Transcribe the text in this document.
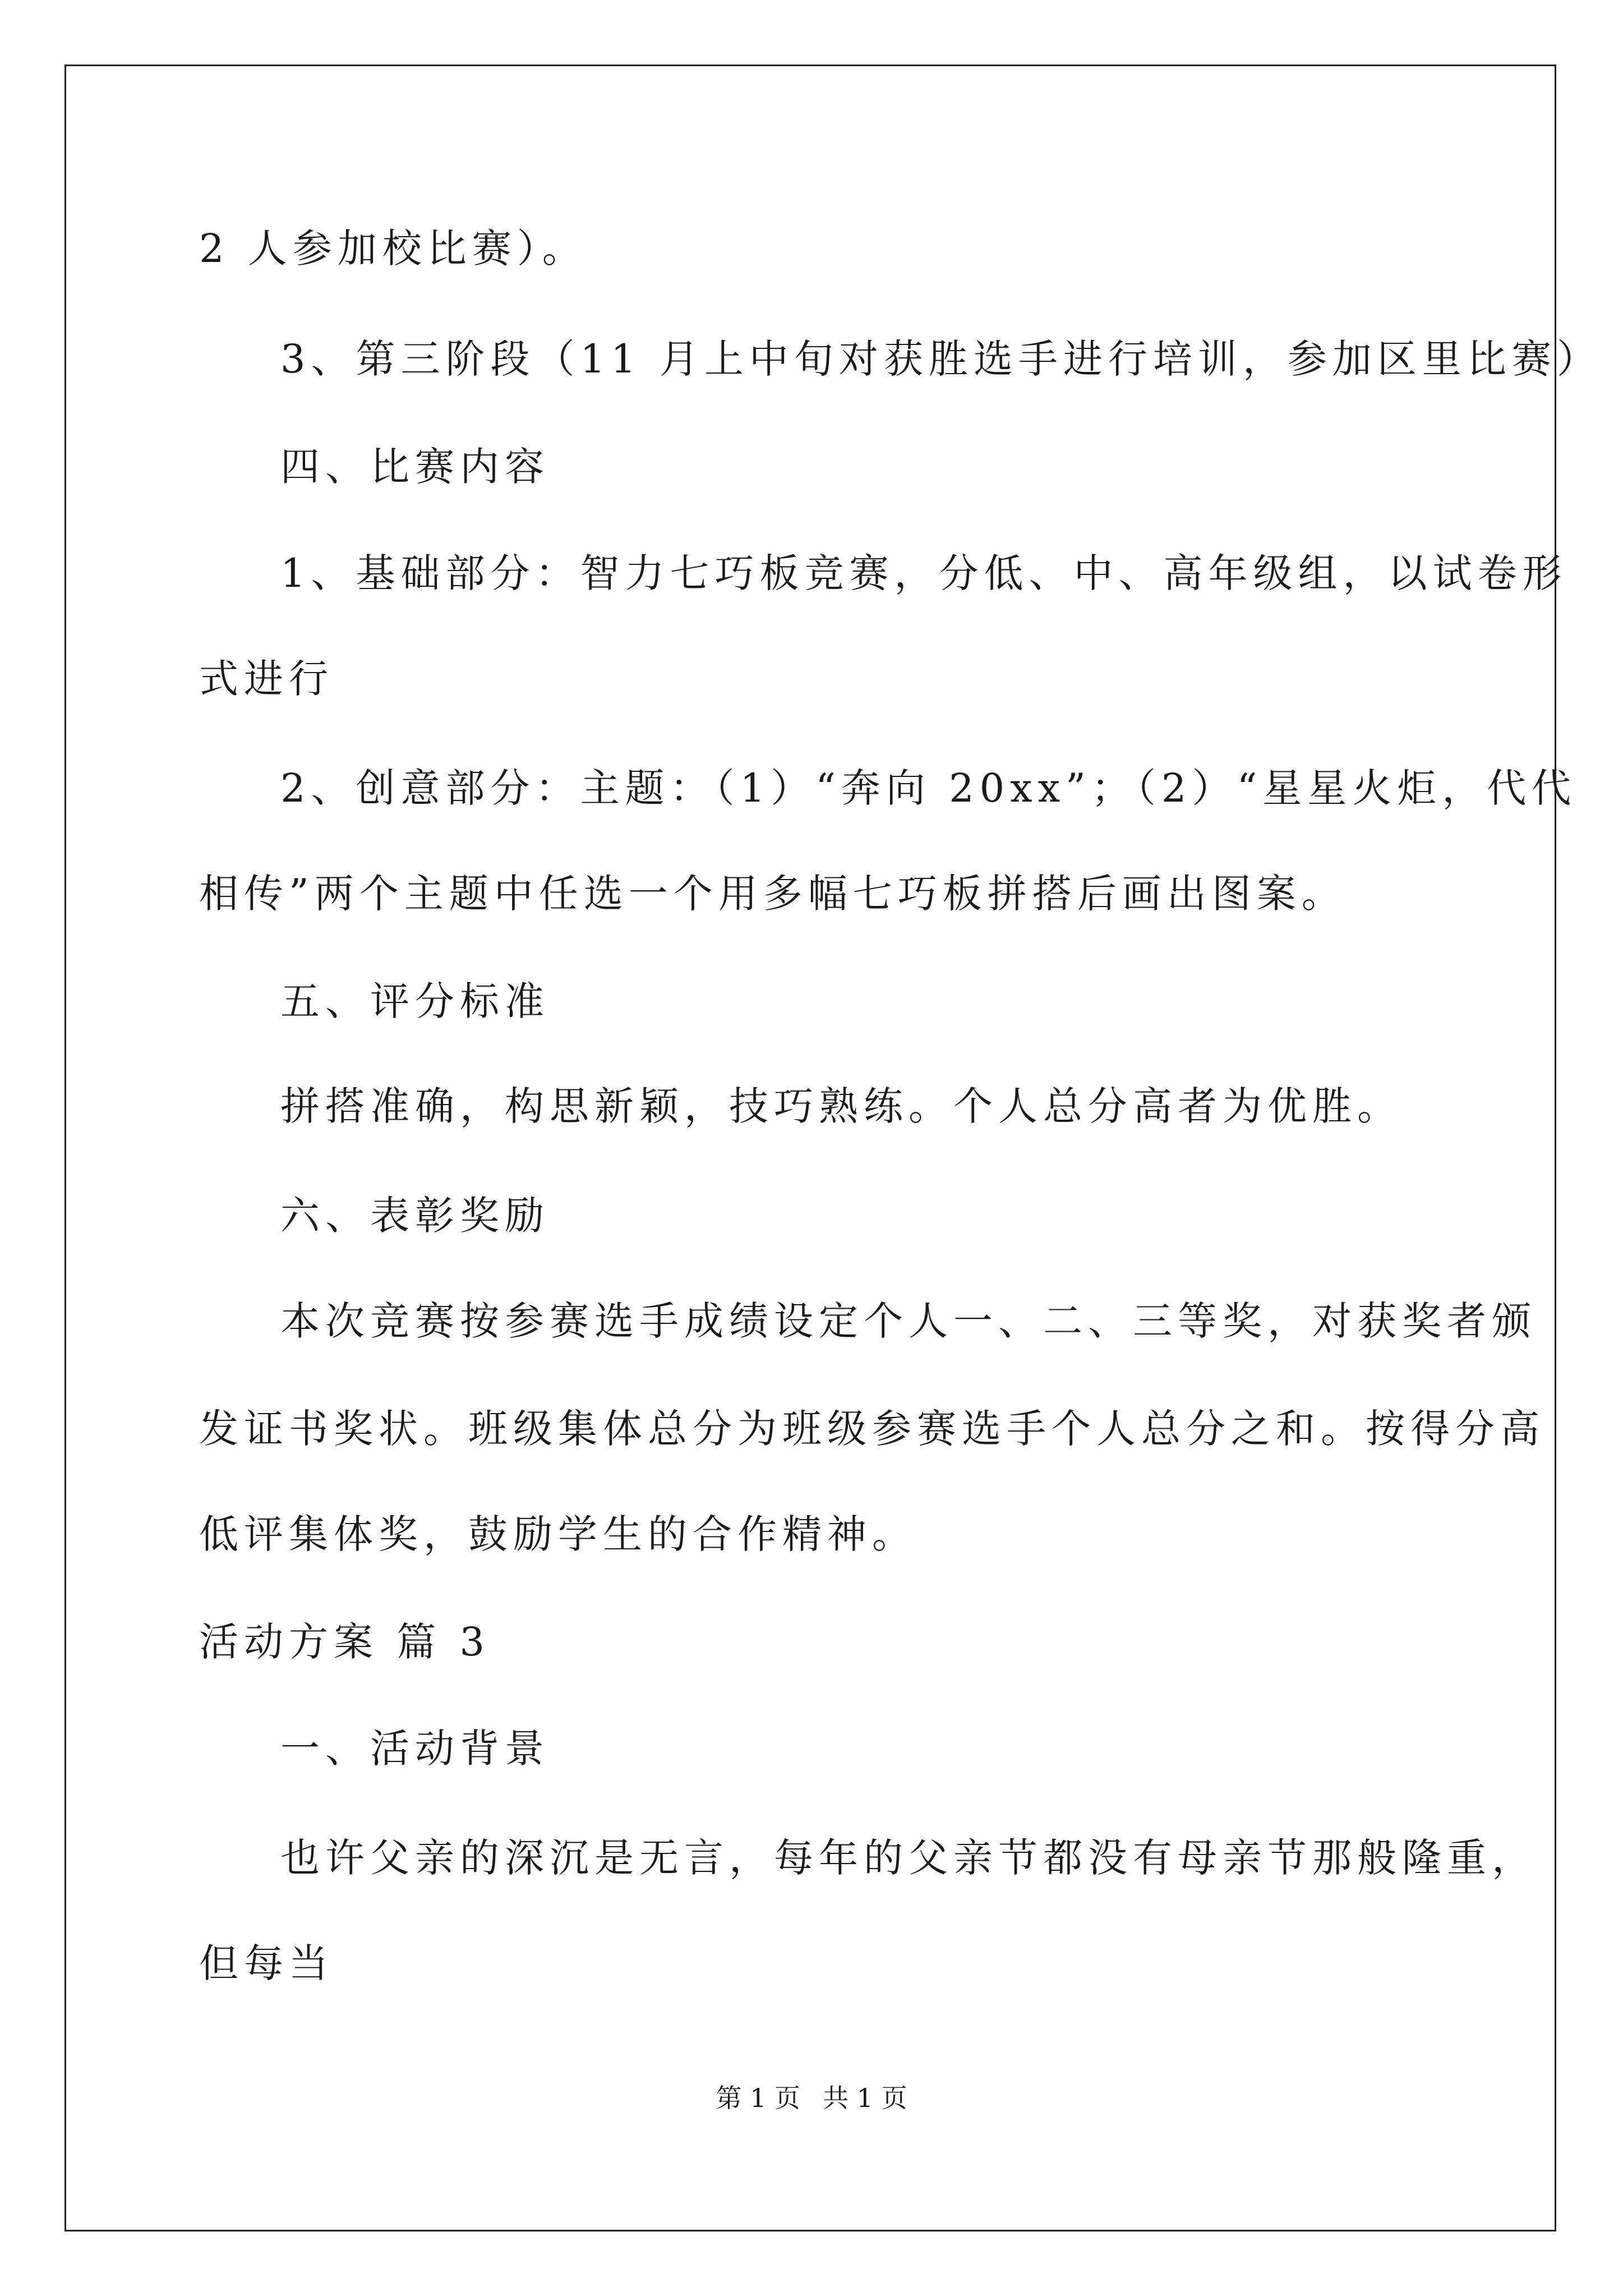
2 人参加校比赛）。
3、第三阶段（11 月上中旬对获胜选手进行培训，参加区里比赛）
四、比赛内容
1、基础部分：智力七巧板竞赛，分低、中、高年级组，以试卷形
式进行
2、创意部分：主题：（1）“奔向 20xx”；（2）“星星火炬，代代
相传”两个主题中任选一个用多幅七巧板拼搭后画出图案。
五、评分标准
拼搭准确，构思新颖，技巧熟练。个人总分高者为优胜。
六、表彰奖励
本次竞赛按参赛选手成绩设定个人一、二、三等奖，对获奖者颁
发证书奖状。班级集体总分为班级参赛选手个人总分之和。按得分高
低评集体奖，鼓励学生的合作精神。
活动方案 篇 3
一、活动背景
也许父亲的深沉是无言，每年的父亲节都没有母亲节那般隆重，
但每当
第 1 页 共 1 页
